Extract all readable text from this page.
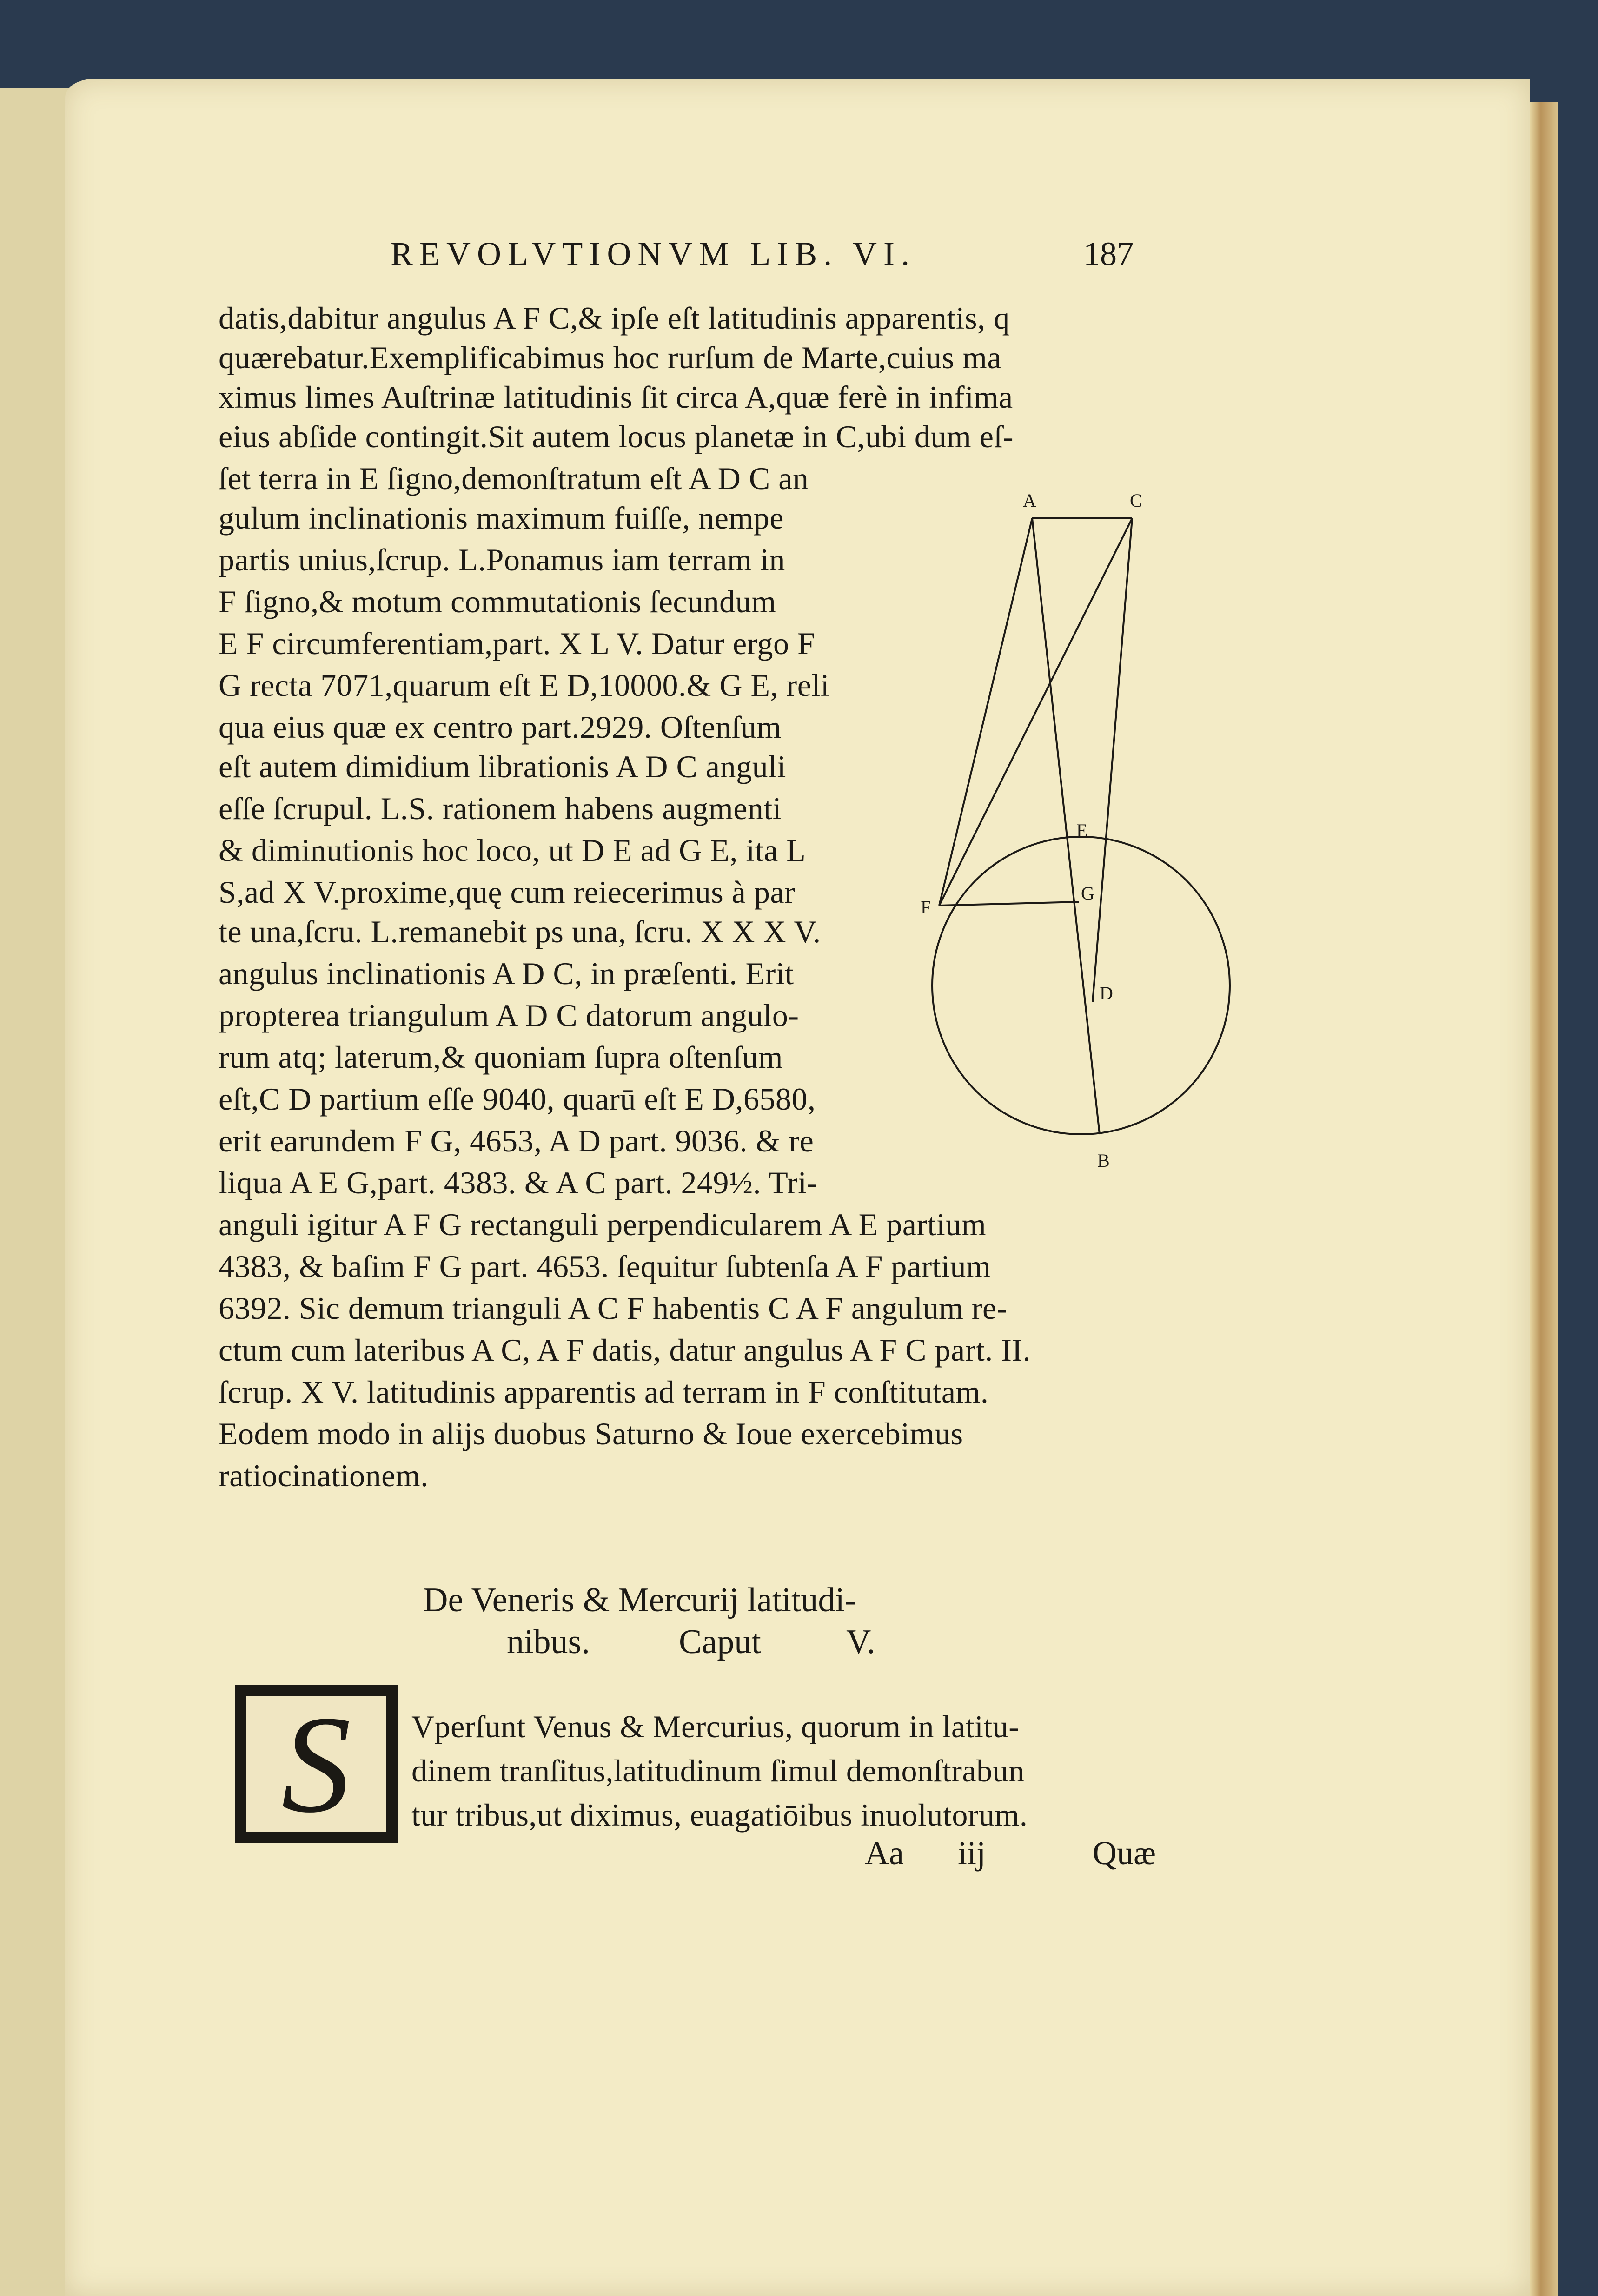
REVOLVTIONVM LIB. VI.	187
datis,dabitur angulus A F C,& ipſe eſt latitudinis apparentis, q
quærebatur.Exemplificabimus hoc rurſum de Marte,cuius ma
ximus limes Auſtrinæ latitudinis ſit circa A,quæ ferè in infima
eius abſide contingit.Sit autem locus planetæ in C,ubi dum eſ-
ſet terra in E ſigno,demonſtratum eſt A D C an
gulum inclinationis maximum fuiſſe, nempe
partis unius,ſcrup. L.Ponamus iam terram in
F ſigno,& motum commutationis ſecundum
E F circumferentiam,part. X L V. Datur ergo F
G recta 7071,quarum eſt E D,10000.& G E, reli
qua eius quæ ex centro part.2929. Oſtenſum
eſt autem dimidium librationis A D C anguli
eſſe ſcrupul. L.S. rationem habens augmenti
& diminutionis hoc loco, ut D E ad G E, ita L
S,ad X V.proxime,quę cum reiecerimus à par
te una,ſcru. L.remanebit ps una, ſcru. X X X V.
angulus inclinationis A D C, in præſenti. Erit
propterea triangulum A D C datorum angulo-
rum atq; laterum,& quoniam ſupra oſtenſum
eſt,C D partium eſſe 9040, quarū eſt E D,6580,
erit earundem F G, 4653, A D part. 9036. & re
liqua A E G,part. 4383. & A C part. 249½. Tri-
anguli igitur A F G rectanguli perpendicularem A E partium
4383, & baſim F G part. 4653. ſequitur ſubtenſa A F partium
6392. Sic demum trianguli A C F habentis C A F angulum re-
ctum cum lateribus A C, A F datis, datur angulus A F C part. II.
ſcrup. X V. latitudinis apparentis ad terram in F conſtitutam.
Eodem modo in alijs duobus Saturno & Ioue exercebimus
ratiocinationem.
De Veneris & Mercurij latitudi-
nibus.	Caput V.
S Vperſunt Venus & Mercurius, quorum in latitu-
dinem tranſitus,latitudinum ſimul demonſtrabun
tur tribus,ut diximus, euagatiōibus inuolutorum.
Aa iij	Quæ
A	C
E
F
G
D
B
